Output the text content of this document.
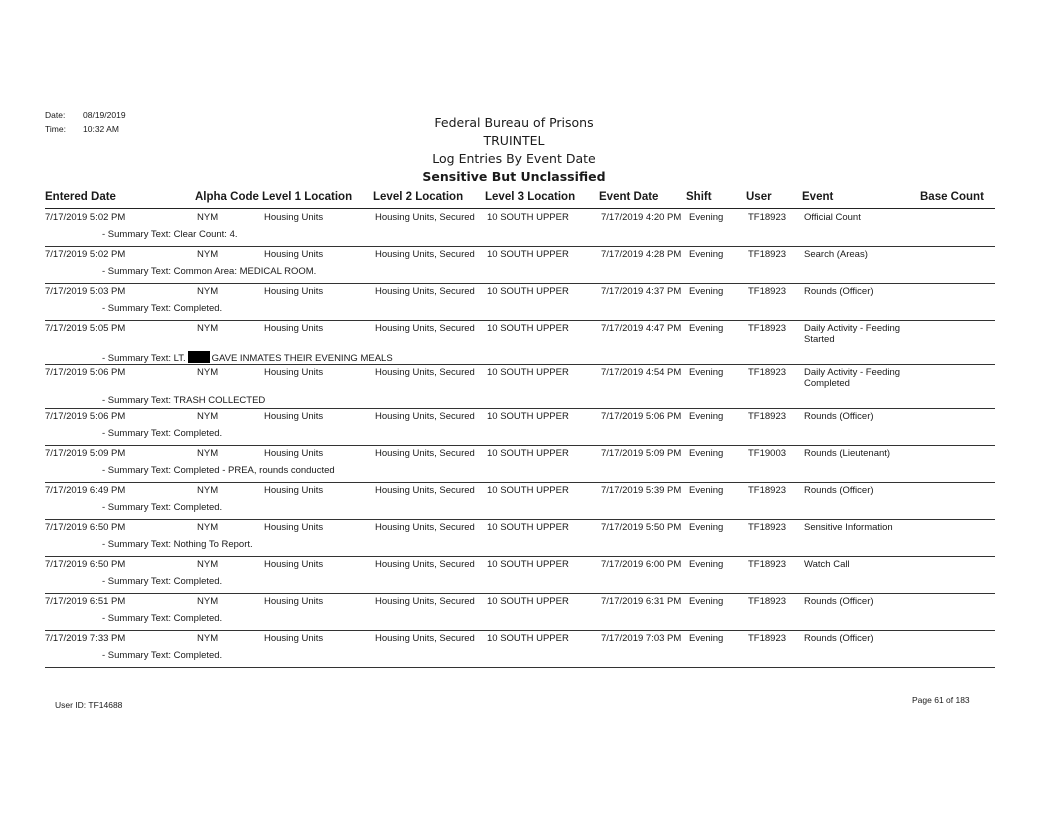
Date: 08/19/2019
Time: 10:32 AM	Federal Bureau of Prisons
TRUINTEL
Log Entries By Event Date
Sensitive But Unclassified
Entered Date	Alpha Code Level 1 Location Level 2 Location Level 3 Location Event Date Shift	User	Event	Base Count
7/17/2019 5:02 PM	NYM	Housing Units	Housing Units, Secured 10 SOUTH UPPER	7/17/2019 4:20 PM Evening	TF18923 Official Count
- Summary Text: Clear Count: 4.
7/17/2019 5:02 PM	NYM	Housing Units	Housing Units, Secured 10 SOUTH UPPER	7/17/2019 4:28 PM Evening	TF18923 Search (Areas)
- Summary Text: Common Area: MEDICAL ROOM.
7/17/2019 5:03 PM	NYM	Housing Units	Housing Units, Secured 10 SOUTH UPPER	7/17/2019 4:37 PM Evening	TF18923 Rounds (Officer)
- Summary Text: Completed.
7/17/2019 5:05 PM	NYM	Housing Units	Housing Units, Secured 10 SOUTH UPPER	7/17/2019 4:47 PM Evening	TF18923 Daily Activity - Feeding Started
- Summary Text: LT.	GAVE INMATES THEIR EVENING MEALS
7/17/2019 5:06 PM	NYM	Housing Units	Housing Units, Secured 10 SOUTH UPPER	7/17/2019 4:54 PM Evening	TF18923 Daily Activity - Feeding Completed
- Summary Text: TRASH COLLECTED
7/17/2019 5:06 PM	NYM	Housing Units	Housing Units, Secured 10 SOUTH UPPER	7/17/2019 5:06 PM Evening	TF18923 Rounds (Officer)
- Summary Text: Completed.
7/17/2019 5:09 PM	NYM	Housing Units	Housing Units, Secured 10 SOUTH UPPER	7/17/2019 5:09 PM Evening	TF19003 Rounds (Lieutenant)
- Summary Text: Completed - PREA, rounds conducted
7/17/2019 6:49 PM	NYM	Housing Units	Housing Units, Secured 10 SOUTH UPPER	7/17/2019 5:39 PM Evening	TF18923 Rounds (Officer)
- Summary Text: Completed.
7/17/2019 6:50 PM	NYM	Housing Units	Housing Units, Secured 10 SOUTH UPPER	7/17/2019 5:50 PM Evening	TF18923 Sensitive Information
- Summary Text: Nothing To Report.
7/17/2019 6:50 PM	NYM	Housing Units	Housing Units, Secured 10 SOUTH UPPER	7/17/2019 6:00 PM Evening	TF18923 Watch Call
- Summary Text: Completed.
7/17/2019 6:51 PM	NYM	Housing Units	Housing Units, Secured 10 SOUTH UPPER	7/17/2019 6:31 PM Evening	TF18923 Rounds (Officer)
- Summary Text: Completed.
7/17/2019 7:33 PM	NYM	Housing Units	Housing Units, Secured 10 SOUTH UPPER	7/17/2019 7:03 PM Evening	TF18923 Rounds (Officer)
- Summary Text: Completed.
User ID: TF14688	Page 61 of 183
